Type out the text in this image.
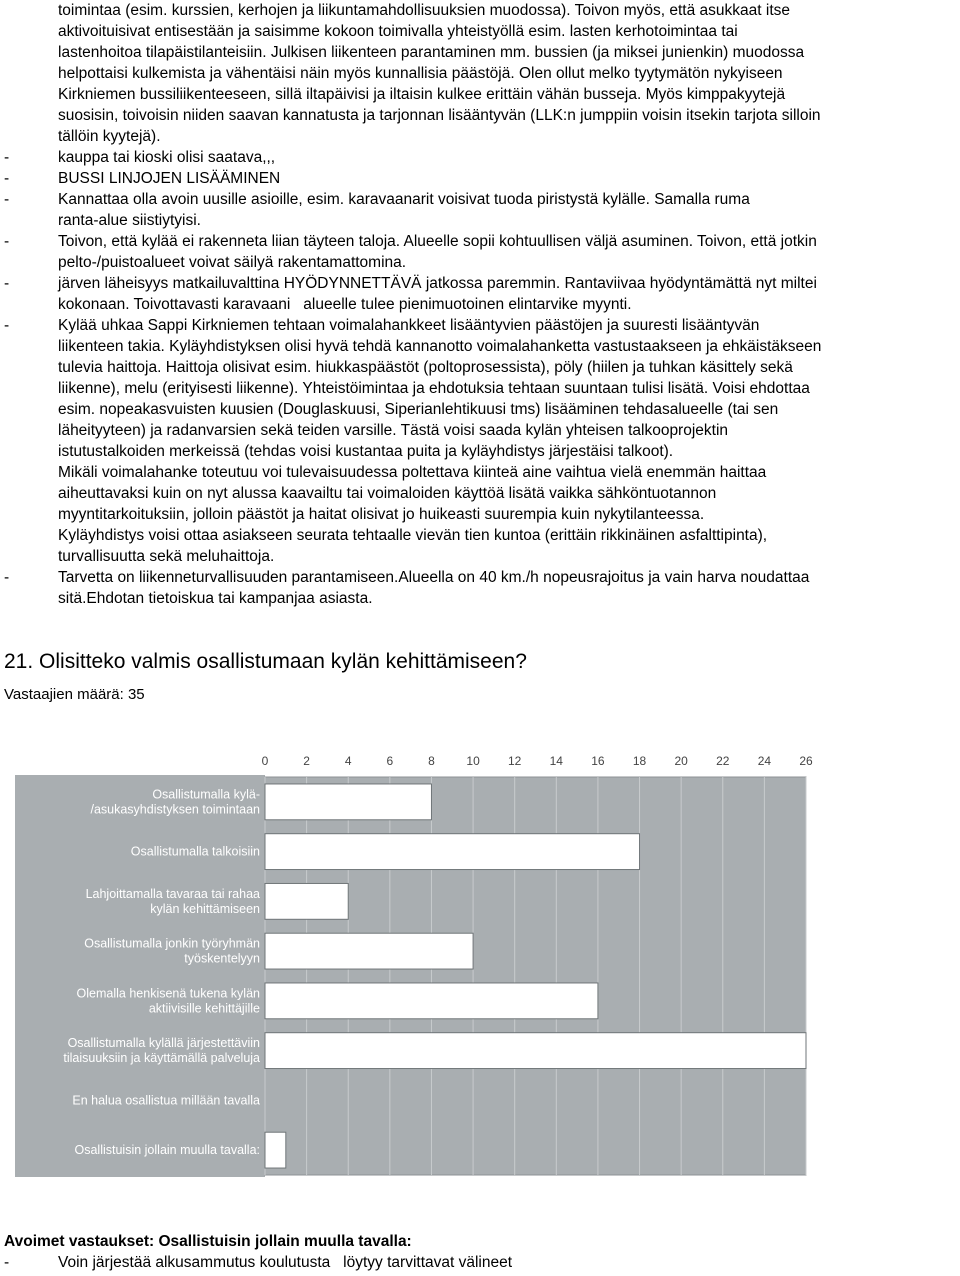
toimintaa (esim. kurssien, kerhojen ja liikuntamahdollisuuksien muodossa). Toivon myös, että asukkaat itse
aktivoituisivat entisestään ja saisimme kokoon toimivalla yhteistyöllä esim. lasten kerhotoimintaa tai
lastenhoitoa tilapäistilanteisiin. Julkisen liikenteen parantaminen mm. bussien (ja miksei junienkin) muodossa
helpottaisi kulkemista ja vähentäisi näin myös kunnallisia päästöjä. Olen ollut melko tyytymätön nykyiseen
Kirkniemen bussiliikenteeseen, sillä iltapäivisi ja iltaisin kulkee erittäin vähän busseja. Myös kimppakyytejä
suosisin, toivoisin niiden saavan kannatusta ja tarjonnan lisääntyvän (LLK:n jumppiin voisin itsekin tarjota silloin
tällöin kyytejä).
-	kauppa tai kioski olisi saatava,,,
-	BUSSI LINJOJEN LISÄÄMINEN
-	Kannattaa olla avoin uusille asioille, esim. karavaanarit voisivat tuoda piristystä kylälle. Samalla ruma
ranta-alue siistiytyisi.
-	Toivon, että kylää ei rakenneta liian täyteen taloja. Alueelle sopii kohtuullisen väljä asuminen. Toivon, että jotkin
pelto-/puistoalueet voivat säilyä rakentamattomina.
-	järven läheisyys matkailuvalttina HYÖDYNNETTÄVÄ jatkossa paremmin. Rantaviivaa hyödyntämättä nyt miltei
kokonaan. Toivottavasti karavaani   alueelle tulee pienimuotoinen elintarvike myynti.
-	Kylää uhkaa Sappi Kirkniemen tehtaan voimalahankkeet lisääntyvien päästöjen ja suuresti lisääntyvän
liikenteen takia. Kyläyhdistyksen olisi hyvä tehdä kannanotto voimalahanketta vastustaakseen ja ehkäistäkseen
tulevia haittoja. Haittoja olisivat esim. hiukkaspäästöt (poltoprosessista), pöly (hiilen ja tuhkan käsittely sekä
liikenne), melu (erityisesti liikenne). Yhteistöimintaa ja ehdotuksia tehtaan suuntaan tulisi lisätä. Voisi ehdottaa
esim. nopeakasvuisten kuusien (Douglaskuusi, Siperianlehtikuusi tms) lisääminen tehdasalueelle (tai sen
läheityyteen) ja radanvarsien sekä teiden varsille. Tästä voisi saada kylän yhteisen talkooprojektin
istutustalkoiden merkeissä (tehdas voisi kustantaa puita ja kyläyhdistys järjestäisi talkoot).
Mikäli voimalahanke toteutuu voi tulevaisuudessa poltettava kiinteä aine vaihtua vielä enemmän haittaa
aiheuttavaksi kuin on nyt alussa kaavailtu tai voimaloiden käyttöä lisätä vaikka sähköntuotannon
myyntitarkoituksiin, jolloin päästöt ja haitat olisivat jo huikeasti suurempia kuin nykytilanteessa.
Kyläyhdistys voisi ottaa asiakseen seurata tehtaalle vievän tien kuntoa (erittäin rikkinäinen asfalttipinta),
turvallisuutta sekä meluhaittoja.
-	Tarvetta on liikenneturvallisuuden parantamiseen.Alueella on 40 km./h nopeusrajoitus ja vain harva noudattaa
sitä.Ehdotan tietoiskua tai kampanjaa asiasta.
21. Olisitteko valmis osallistumaan kylän kehittämiseen?
Vastaajien määrä: 35
0	2	4	6	8	10 12 14 16 18 20 22 24 26
Osallistumalla kylä-
/asukasyhdistyksen toimintaan
Osallistumalla talkoisiin
Lahjoittamalla tavaraa tai rahaa
kylän kehittämiseen
Osallistumalla jonkin työryhmän
työskentelyyn
Olemalla henkisenä tukena kylän
aktiivisille kehittäjille
Osallistumalla kylällä järjestettäviin
tilaisuuksiin ja käyttämällä palveluja
En halua osallistua millään tavalla
Osallistuisin jollain muulla tavalla:
Avoimet vastaukset: Osallistuisin jollain muulla tavalla:
-	Voin järjestää alkusammutus koulutusta   löytyy tarvittavat välineet
